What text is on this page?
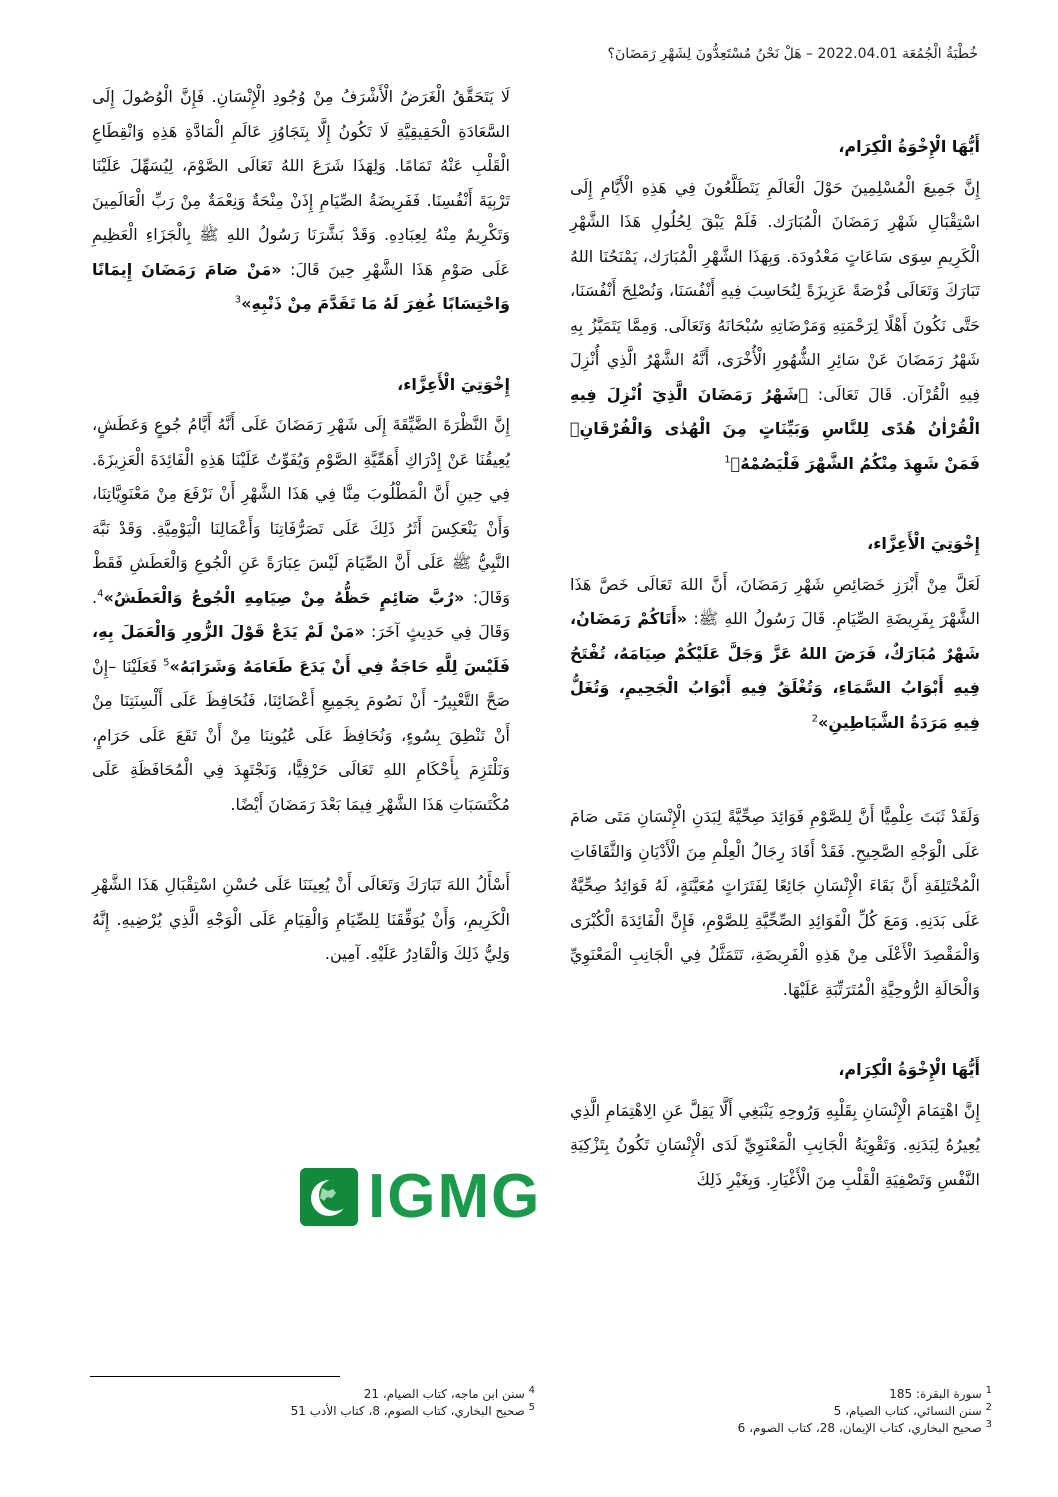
خُطْبَةُ الْجُمُعَة 2022.04.01 – هَلْ نَحْنُ مُسْتَعِدُّونَ لِشَهْرِ رَمَضَانَ؟
أَيُّهَا الْإِخْوَةُ الْكِرَام،

إِنَّ جَمِيعَ الْمُسْلِمِينَ حَوْلَ الْعَالَمِ يَتَطَلَّعُونَ فِي هَذِهِ الْأَيَّامِ إِلَى اسْتِقْبَالِ شَهْرِ رَمَضَانَ الْمُبَارَك. فَلَمْ يَبْقَ لِحُلُولِ هَذَا الشَّهْرِ الْكَرِيمِ سِوَى سَاعَاتٍ مَعْدُودَة. وَبِهَذَا الشَّهْرِ الْمُبَارَك، يَمْنَحُنَا اللهُ تَبَارَكَ وَتَعَالَى فُرْصَةً عَزِيزَةً لِنُحَاسِبَ فِيهِ أَنْفُسَنَا، وَنُصْلِحَ أَنْفُسَنَا، حَتَّى نَكُونَ أَهْلًا لِرَحْمَتِهِ وَمَرْضَاتِهِ سُبْحَانَهُ وَتَعَالَى. وَمِمَّا يَتَمَيَّزُ بِهِ شَهْرُ رَمَضَانَ عَنْ سَائِرِ الشُّهُورِ الْأُخْرَى، أَنَّهُ الشَّهْرُ الَّذِي أُنْزِلَ فِيهِ الْقُرْآن. قَالَ تَعَالَى: ﴿شَهْرُ رَمَضَانَ الَّذِيٓ اُنْزِلَ فِيهِ الْقُرْاٰنُ هُدًى لِلنَّاسِ وَبَيِّنَاتٍ مِنَ الْهُدٰى وَالْفُرْقَانِۚ فَمَنْ شَهِدَ مِنْكُمُ الشَّهْرَ فَلْيَصُمْهُ﴾$^1$

إِخْوَتِيَ الْأَعِزَّاء،

لَعَلَّ مِنْ أَبْرَزِ خَصَائِصِ شَهْرِ رَمَضَانَ، أَنَّ اللهَ تَعَالَى خَصَّ هَذَا الشَّهْرَ بِفَرِيضَةِ الصِّيَامِ. قَالَ رَسُولُ اللهِ ﷺ: «أَتَاكُمْ رَمَضَانُ، شَهْرٌ مُبَارَكٌ، فَرَضَ اللهُ عَزَّ وَجَلَّ عَلَيْكُمْ صِيَامَهُ، تُفْتَحُ فِيهِ أَبْوَابُ السَّمَاءِ، وَتُغْلَقُ فِيهِ أَبْوَابُ الْجَحِيمِ، وَتُغَلُّ فِيهِ مَرَدَةُ الشَّيَاطِينِ»$^2$

وَلَقَدْ ثَبَتَ عِلْمِيًّا أَنَّ لِلصَّوْمِ فَوَائِدَ صِحِّيَّةً لِبَدَنِ الْإِنْسَانِ مَتَى صَامَ عَلَى الْوَجْهِ الصَّحِيحِ. فَقَدْ أَفَادَ رِجَالُ الْعِلْمِ مِنَ الْأَدْيَانِ وَالثَّقَافَاتِ الْمُخْتَلِفَةِ أَنَّ بَقَاءَ الْإِنْسَانِ جَائِعًا لِفَتَرَاتٍ مُعَيَّنَةٍ، لَهُ فَوَائِدُ صِحِّيَّةٌ عَلَى بَدَنِهِ. وَمَعَ كُلِّ الْفَوَائِدِ الصِّحِّيَّةِ لِلصَّوْمِ، فَإِنَّ الْفَائِدَةَ الْكُبْرَى وَالْمَقْصِدَ الْأَعْلَى مِنْ هَذِهِ الْفَرِيضَةِ، تَتَمَثَّلُ فِي الْجَانِبِ الْمَعْنَوِيِّ وَالْحَالَةِ الرُّوحِيَّةِ الْمُتَرَتِّبَةِ عَلَيْهَا.

أَيُّهَا الْإِخْوَةُ الْكِرَام،

إِنَّ اهْتِمَامَ الْإِنْسَانِ بِقَلْبِهِ وَرُوحِهِ يَنْبَغِي أَلَّا يَقِلَّ عَنِ الِاهْتِمَامِ الَّذِي يُعِيرُهُ لِبَدَنِهِ. وَتَقْوِيَةُ الْجَانِبِ الْمَعْنَوِيِّ لَدَى الْإِنْسَانِ تَكُونُ بِتَزْكِيَةِ النَّفْسِ وَتَصْفِيَةِ الْقَلْبِ مِنَ الْأَغْيَارِ. وَبِغَيْرِ ذَلِكَ

لَا يَتَحَقَّقُ الْغَرَضُ الْأَشْرَفُ مِنْ وُجُودِ الْإِنْسَانِ. فَإِنَّ الْوُصُولَ إِلَى السَّعَادَةِ الْحَقِيقِيَّةِ لَا تَكُونُ إِلَّا بِتَجَاوُزِ عَالَمِ الْمَادَّةِ هَذِهِ وَانْقِطَاعِ الْقَلْبِ عَنْهُ تَمَامًا. وَلِهَذَا شَرَعَ اللهُ تَعَالَى الصَّوْمَ، لِيُسَهِّلَ عَلَيْنَا تَرْبِيَةَ أَنْفُسِنَا. فَفَرِيضَةُ الصِّيَامِ إِذَنْ مِنْحَةٌ وَنِعْمَةٌ مِنْ رَبِّ الْعَالَمِينَ وَتَكْرِيمٌ مِنْهُ لِعِبَادِهِ. وَقَدْ بَشَّرَنَا رَسُولُ اللهِ ﷺ بِالْجَزَاءِ الْعَظِيمِ عَلَى صَوْمِ هَذَا الشَّهْرِ حِينَ قَالَ: «مَنْ صَامَ رَمَضَانَ إِيمَانًا وَاحْتِسَابًا غُفِرَ لَهُ مَا تَقَدَّمَ مِنْ ذَنْبِهِ»$^3$

إِخْوَتِيَ الْأَعِزَّاء،

إِنَّ النَّظْرَةَ الضَّيِّقَةَ إِلَى شَهْرِ رَمَضَانَ عَلَى أَنَّهُ أَيَّامُ جُوعٍ وَعَطَشٍ، يُعِيقُنَا عَنْ إِدْرَاكِ أَهَمِّيَّةِ الصَّوْمِ وَيُفَوِّتُ عَلَيْنَا هَذِهِ الْفَائِدَةَ الْعَزِيزَةَ. فِي حِينِ أَنَّ الْمَطْلُوبَ مِنَّا فِي هَذَا الشَّهْرِ أَنْ نَرْفَعَ مِنْ مَعْنَوِيَّاتِنَا، وَأَنْ يَنْعَكِسَ أَثَرُ ذَلِكَ عَلَى تَصَرُّفَاتِنَا وَأَعْمَالِنَا الْيَوْمِيَّةِ. وَقَدْ نَبَّهَ النَّبِيُّ ﷺ عَلَى أَنَّ الصِّيَامَ لَيْسَ عِبَارَةً عَنِ الْجُوعِ وَالْعَطَشِ فَقَطْ وَقَالَ: «رُبَّ صَائِمٍ حَظُّهُ مِنْ صِيَامِهِ الْجُوعُ وَالْعَطَشُ»$^4$. وَقَالَ فِي حَدِيثٍ آخَرَ: «مَنْ لَمْ يَدَعْ قَوْلَ الزُّورِ وَالْعَمَلَ بِهِ، فَلَيْسَ لِلَّهِ حَاجَةٌ فِي أَنْ يَدَعَ طَعَامَهُ وَشَرَابَهُ»$^5$ فَعَلَيْنَا –إِنْ صَحَّ التَّعْبِيرُ- أَنْ نَصُومَ بِجَمِيعِ أَعْضَائِنَا، فَنُحَافِظَ عَلَى أَلْسِنَتِنَا مِنْ أَنْ تَنْطِقَ بِسُوءٍ، وَنُحَافِظَ عَلَى عُيُونِنَا مِنْ أَنْ تَقَعَ عَلَى حَرَامٍ، وَنَلْتَزِمَ بِأَحْكَامِ اللهِ تَعَالَى حَرْفِيًّا، وَنَجْتَهِدَ فِي الْمُحَافَظَةِ عَلَى مُكْتَسَبَاتِ هَذَا الشَّهْرِ فِيمَا بَعْدَ رَمَضَانَ أَيْضًا.

أَسْأَلُ اللهَ تَبَارَكَ وَتَعَالَى أَنْ يُعِينَنَا عَلَى حُسْنِ اسْتِقْبَالِ هَذَا الشَّهْرِ الْكَرِيمِ، وَأَنْ يُوَفِّقَنَا لِلصِّيَامِ وَالْقِيَامِ عَلَى الْوَجْهِ الَّذِي يُرْضِيهِ. إِنَّهُ وَلِيُّ ذَلِكَ وَالْقَادِرُ عَلَيْهِ. آمِين.

IGMG
$^1$ سورة البقرة: 185
$^2$ سنن النسائي، كتاب الصيام، 5
$^3$ صحيح البخاري، كتاب الإيمان، 28، كتاب الصوم، 6
$^4$ سنن ابن ماجه، كتاب الصيام، 21
$^5$ صحيح البخاري، كتاب الصوم، 8، كتاب الأدب 51
